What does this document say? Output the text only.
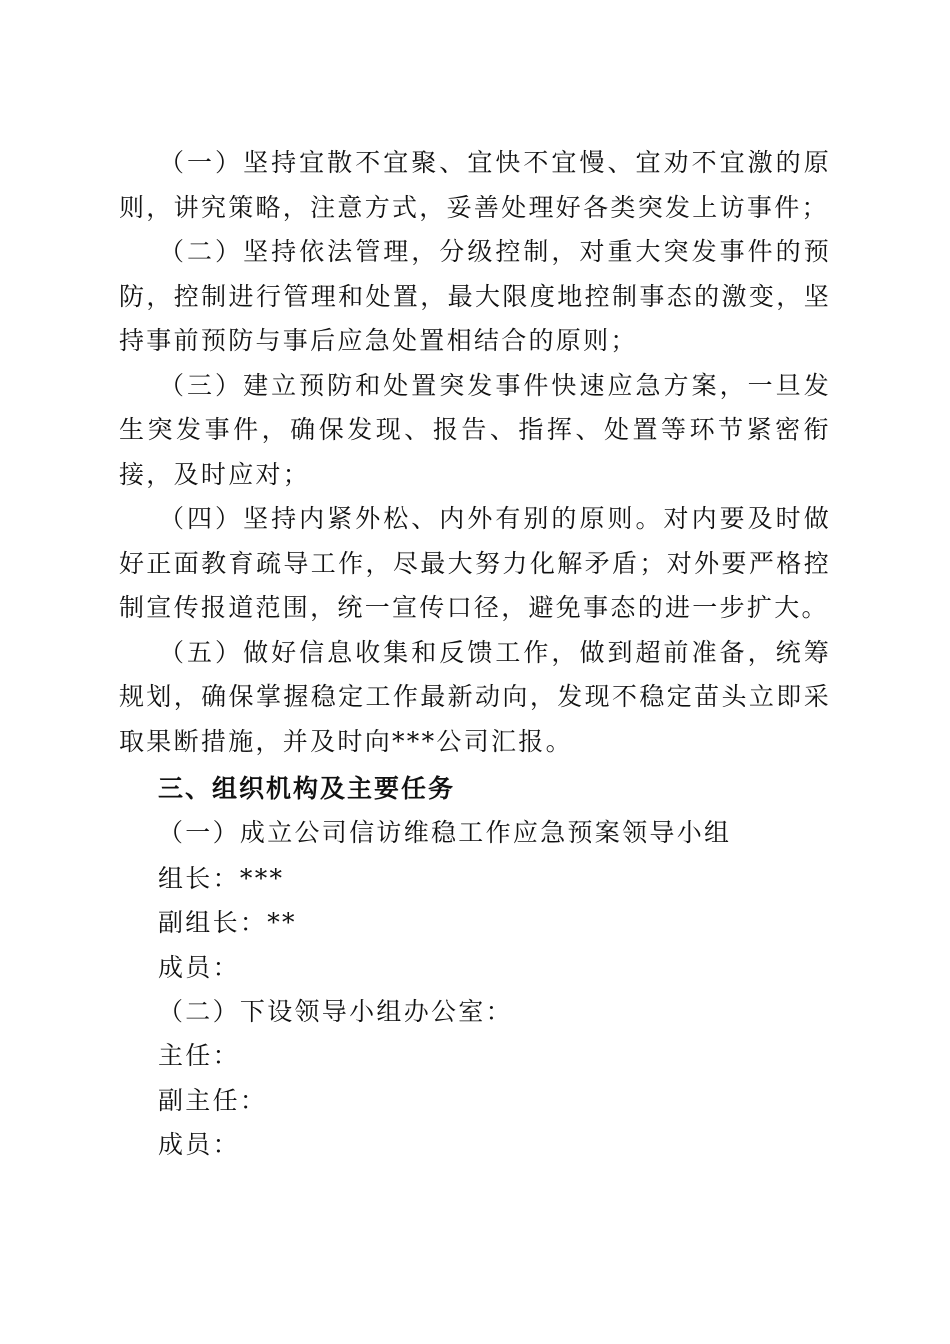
（一）坚持宜散不宜聚、宜快不宜慢、宜劝不宜激的原则，讲究策略，注意方式，妥善处理好各类突发上访事件；

（二）坚持依法管理，分级控制，对重大突发事件的预防，控制进行管理和处置，最大限度地控制事态的激变，坚持事前预防与事后应急处置相结合的原则；

（三）建立预防和处置突发事件快速应急方案，一旦发生突发事件，确保发现、报告、指挥、处置等环节紧密衔接，及时应对；

（四）坚持内紧外松、内外有别的原则。对内要及时做好正面教育疏导工作，尽最大努力化解矛盾；对外要严格控制宣传报道范围，统一宣传口径，避免事态的进一步扩大。

（五）做好信息收集和反馈工作，做到超前准备，统筹规划，确保掌握稳定工作最新动向，发现不稳定苗头立即采取果断措施，并及时向***公司汇报。

三、组织机构及主要任务
（一）成立公司信访维稳工作应急预案领导小组
组长：***
副组长：**
成员：
（二）下设领导小组办公室：
主任：
副主任：
成员：
